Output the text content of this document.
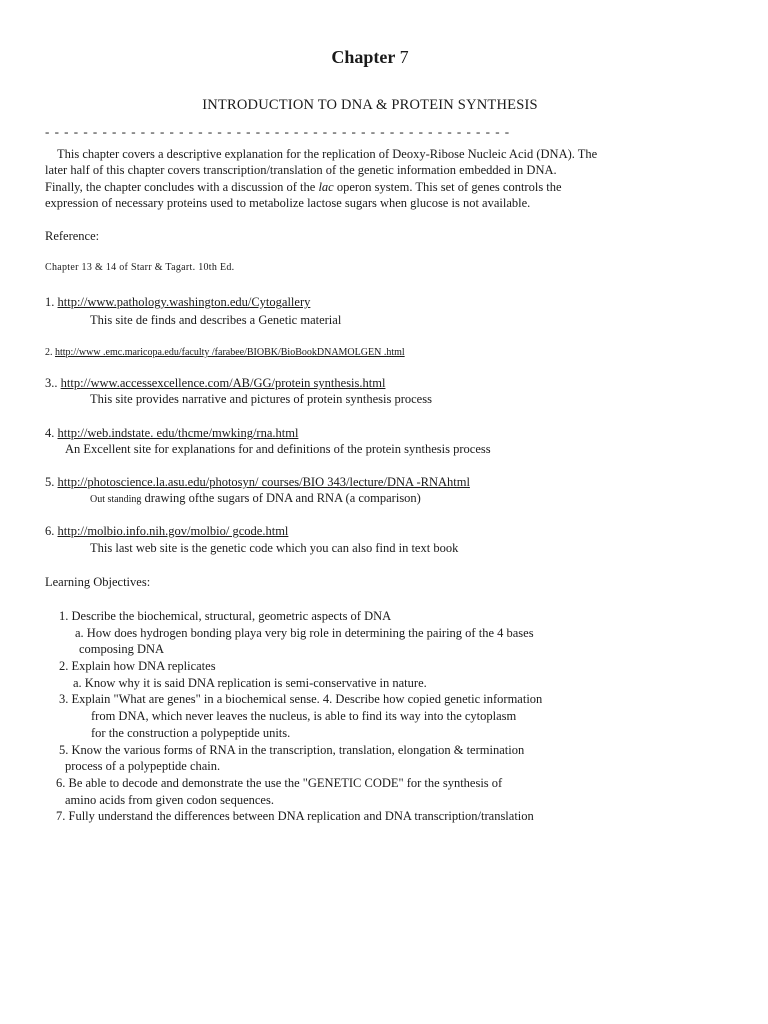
Chapter 7
INTRODUCTION TO DNA & PROTEIN SYNTHESIS
- - - - - - - - - - - - - - - - - - - - - - - - - - - - - - - - - - - - - - - - - - - - - - - - -
This chapter covers a descriptive explanation for the replication of Deoxy-Ribose Nucleic Acid (DNA). The
later half of this chapter covers transcription/translation of the genetic information embedded in DNA.
Finally, the chapter concludes with a discussion of the lac operon system. This set of genes controls the
expression of necessary proteins used to metabolize lactose sugars when glucose is not available.
Reference:
Chapter 13 & 14 of Starr & Tagart. 10th Ed.
1. http://www.pathology.washington.edu/Cytogallery
This site de finds and describes a Genetic material
2. http://www .emc.maricopa.edu/faculty /farabee/BIOBK/BioBookDNAMOLGEN .html
3.. http://www.accessexcellence.com/AB/GG/protein synthesis.html
This site provides narrative and pictures of protein synthesis process
4. http://web.indstate. edu/thcme/mwking/rna.html
An Excellent site for explanations for and definitions of the protein synthesis process
5. http://photoscience.la.asu.edu/photosyn/ courses/BIO 343/lecture/DNA -RNAhtml
Out standing drawing ofthe sugars of DNA and RNA (a comparison)
6. http://molbio.info.nih.gov/molbio/ gcode.html
This last web site is the genetic code which you can also find in text book
Learning Objectives:
1. Describe the biochemical, structural, geometric aspects of DNA
a. How does hydrogen bonding playa very big role in determining the pairing of the 4 bases
composing DNA
2. Explain how DNA replicates
a. Know why it is said DNA replication is semi-conservative in nature.
3. Explain "What are genes" in a biochemical sense. 4. Describe how copied genetic information
from DNA, which never leaves the nucleus, is able to find its way into the cytoplasm
for the construction a polypeptide units.
5. Know the various forms of RNA in the transcription, translation, elongation & termination
process of a polypeptide chain.
6. Be able to decode and demonstrate the use the "GENETIC CODE" for the synthesis of
amino acids from given codon sequences.
7. Fully understand the differences between DNA replication and DNA transcription/translation
